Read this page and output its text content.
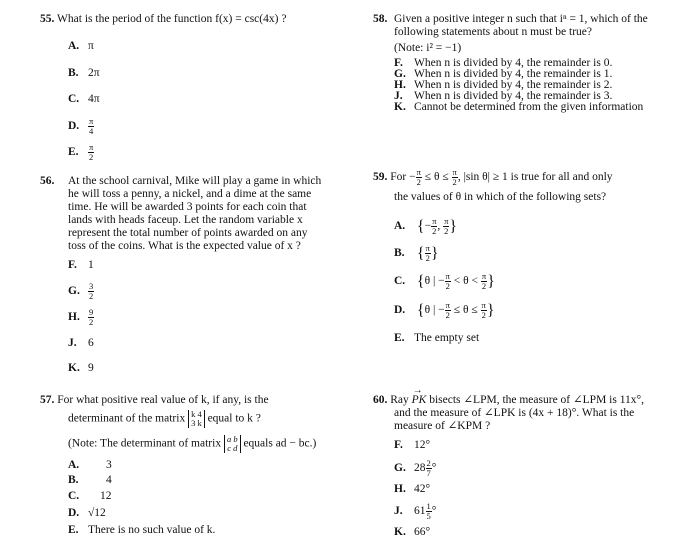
55. What is the period of the function f(x) = csc(4x) ?
A. π
B. 2π
C. 4π
D. $\frac{\pi}{4}$
E. $\frac{\pi}{2}$
56. At the school carnival, Mike will play a game in which
he will toss a penny, a nickel, and a dime at the same
time. He will be awarded 3 points for each coin that
lands with heads faceup. Let the random variable x
represent the total number of points awarded on any
toss of the coins. What is the expected value of x ?
F. 1
G. $\frac{3}{2}$
H. $\frac{9}{2}$
J. 6
K. 9
57. For what positive real value of k, if any, is the
determinant of the matrix k 4
3 k equal to k ?
(Note: The determinant of matrix a b
c d equals ad − bc.)
A. 3
B. 4
C. 12
D. √12
E. There is no such value of k.
58. Given a positive integer n such that iⁿ = 1, which of the
following statements about n must be true?
(Note: i² = −1)
F. When n is divided by 4, the remainder is 0.
G. When n is divided by 4, the remainder is 1.
H. When n is divided by 4, the remainder is 2.
J. When n is divided by 4, the remainder is 3.
K. Cannot be determined from the given information
59. For − $\frac{\pi}{2} \le \theta \le \frac{\pi}{2}$ , |sin θ| ≥ 1 is true for all and only
the values of θ in which of the following sets?
A. {− $\frac{\pi}{2}$ , $\frac{\pi}{2}$ }
B. { $\frac{\pi}{2}$ }
C. {θ | − $\frac{\pi}{2} < \theta < \frac{\pi}{2}$ }
D. {θ | − $\frac{\pi}{2} \le \theta \le \frac{\pi}{2}$ }
E. The empty set
60. Ray → PK bisects ∠LPM, the measure of ∠LPM is 11x°,
and the measure of ∠LPK is (4x + 18)°. What is the
measure of ∠KPM ?
F. 12°
G. $28 \frac{2}{7}$ °
H. 42°
J. $61 \frac{1}{5}$ °
K. 66°
